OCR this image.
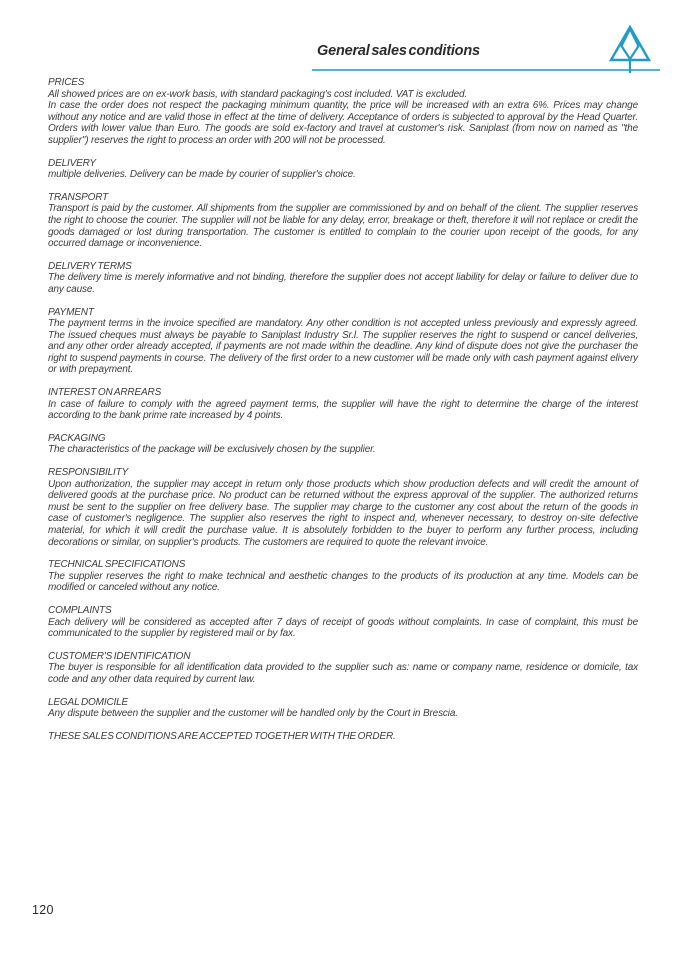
General sales conditions

PRICES

All showed prices are on ex-work basis, with standard packaging's cost included. VAT is excluded.

In case the order does not respect the packaging minimum quantity, the price will be increased with an extra 6%. Prices may change without any notice and are valid those in effect at the time of delivery. Acceptance of orders is subjected to approval by the Head Quarter. Orders with lower value than Euro. The goods are sold ex-factory and travel at customer's risk. Saniplast (from now on named as "the supplier") reserves the right to process an order with 200 will not be processed.

DELIVERY

multiple deliveries. Delivery can be made by courier of supplier's choice.

TRANSPORT

Transport is paid by the customer. All shipments from the supplier are commissioned by and on behalf of the client. The supplier reserves the right to choose the courier. The supplier will not be liable for any delay, error, breakage or theft, therefore it will not replace or credit the goods damaged or lost during transportation. The customer is entitled to complain to the courier upon receipt of the goods, for any occurred damage or inconvenience.

DELIVERY TERMS

The delivery time is merely informative and not binding, therefore the supplier does not accept liability for delay or failure to deliver due to any cause.

PAYMENT

The payment terms in the invoice specified are mandatory. Any other condition is not accepted unless previously and expressly agreed. The issued cheques must always be payable to Saniplast Industry Sr.l. The supplier reserves the right to suspend or cancel deliveries, and any other order already accepted, if payments are not made within the deadline. Any kind of dispute does not give the purchaser the right to suspend payments in course. The delivery of the first order to a new customer will be made only with cash payment against elivery or with prepayment.

INTEREST ON ARREARS

In case of failure to comply with the agreed payment terms, the supplier will have the right to determine the charge of the interest according to the bank prime rate increased by 4 points.

PACKAGING

The characteristics of the package will be exclusively chosen by the supplier.

RESPONSIBILITY

Upon authorization, the supplier may accept in return only those products which show production defects and will credit the amount of delivered goods at the purchase price. No product can be returned without the express approval of the supplier. The authorized returns must be sent to the supplier on free delivery base. The supplier may charge to the customer any cost about the return of the goods in case of customer's negligence. The supplier also reserves the right to inspect and, whenever necessary, to destroy on-site defective material, for which it will credit the purchase value. It is absolutely forbidden to the buyer to perform any further process, including decorations or similar, on supplier's products. The customers are required to quote the relevant invoice.

TECHNICAL SPECIFICATIONS

The supplier reserves the right to make technical and aesthetic changes to the products of its production at any time. Models can be modified or canceled without any notice.

COMPLAINTS

Each delivery will be considered as accepted after 7 days of receipt of goods without complaints. In case of complaint, this must be communicated to the supplier by registered mail or by fax.

CUSTOMER'S IDENTIFICATION

The buyer is responsible for all identification data provided to the supplier such as: name or company name, residence or domicile, tax code and any other data required by current law.

LEGAL DOMICILE

Any dispute between the supplier and the customer will be handled only by the Court in Brescia.

THESE SALES CONDITIONS ARE ACCEPTED TOGETHER WITH THE ORDER.
120
